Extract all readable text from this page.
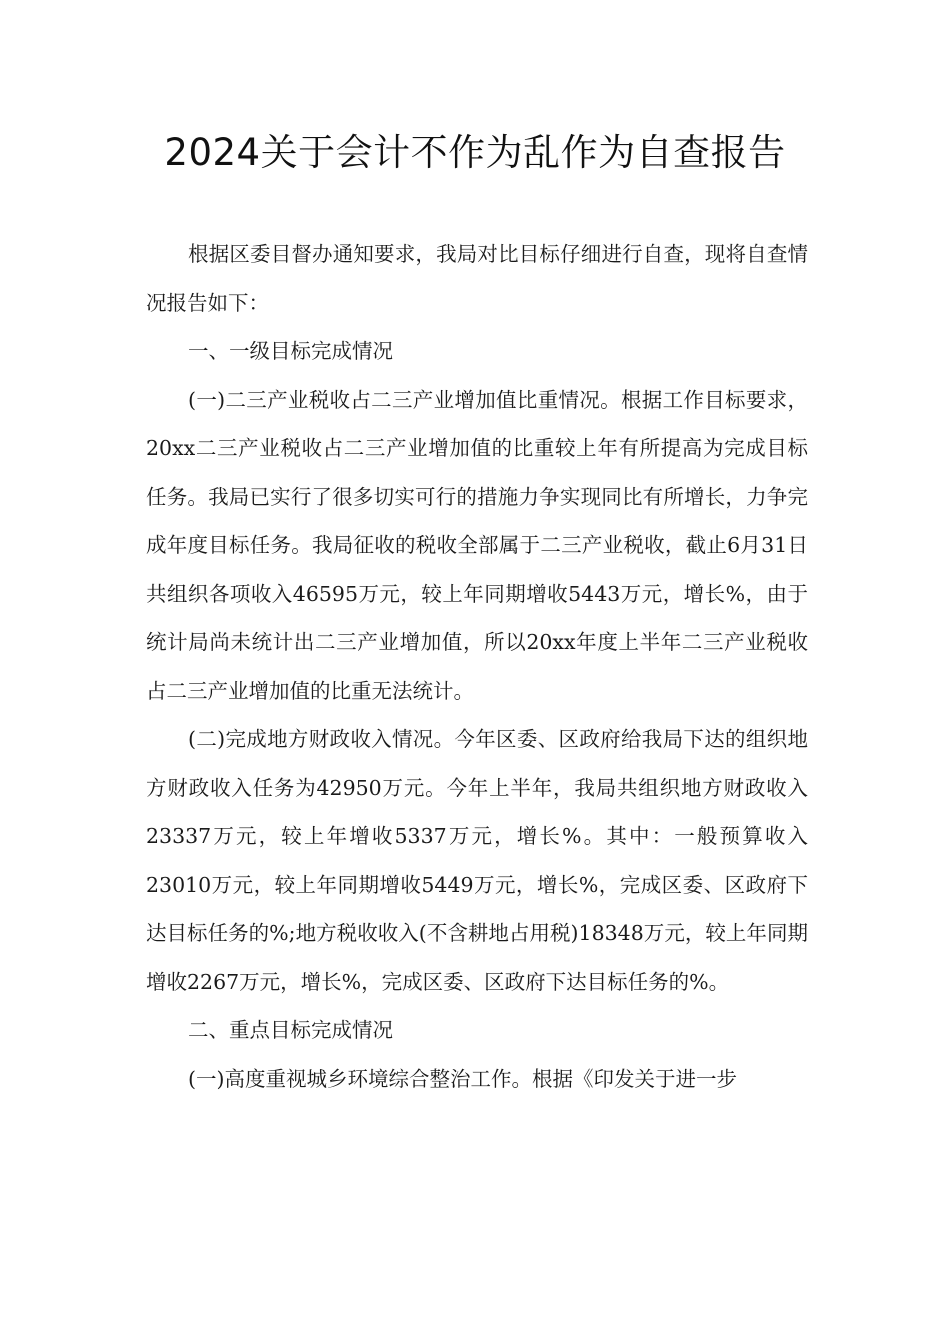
2024关于会计不作为乱作为自查报告

根据区委目督办通知要求，我局对比目标仔细进行自查，现将自查情况报告如下：

一、一级目标完成情况

(一)二三产业税收占二三产业增加值比重情况。根据工作目标要求，20xx二三产业税收占二三产业增加值的比重较上年有所提高为完成目标任务。我局已实行了很多切实可行的措施力争实现同比有所增长，力争完成年度目标任务。我局征收的税收全部属于二三产业税收，截止6月31日共组织各项收入46595万元，较上年同期增收5443万元，增长%，由于统计局尚未统计出二三产业增加值，所以20xx年度上半年二三产业税收占二三产业增加值的比重无法统计。

(二)完成地方财政收入情况。今年区委、区政府给我局下达的组织地方财政收入任务为42950万元。今年上半年，我局共组织地方财政收入23337万元，较上年增收5337万元，增长%。其中：一般预算收入23010万元，较上年同期增收5449万元，增长%，完成区委、区政府下达目标任务的%;地方税收收入(不含耕地占用税)18348万元，较上年同期增收2267万元，增长%，完成区委、区政府下达目标任务的%。

二、重点目标完成情况

(一)高度重视城乡环境综合整治工作。根据《印发关于进一步
